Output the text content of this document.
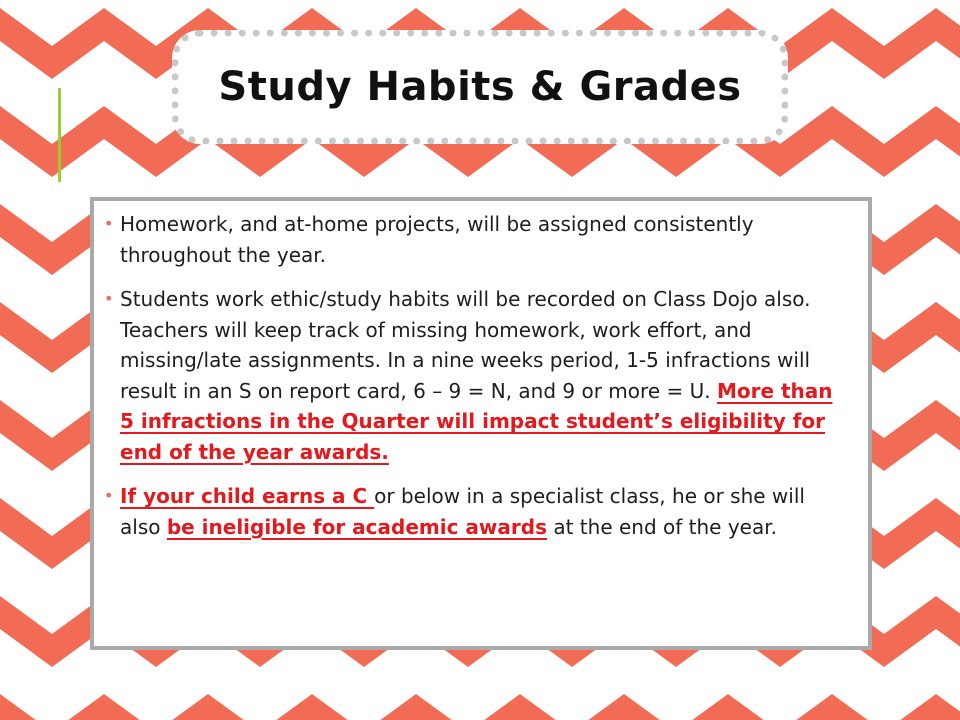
Study Habits & Grades
• Homework, and at-home projects, will be assigned consistently throughout the year.
• Students work ethic/study habits will be recorded on Class Dojo also. Teachers will keep track of missing homework, work effort, and missing/late assignments. In a nine weeks period, 1-5 infractions will result in an S on report card, 6 – 9 = N, and 9 or more = U. More than 5 infractions in the Quarter will impact student’s eligibility for end of the year awards.
• If your child earns a C or below in a specialist class, he or she will also be ineligible for academic awards at the end of the year.
